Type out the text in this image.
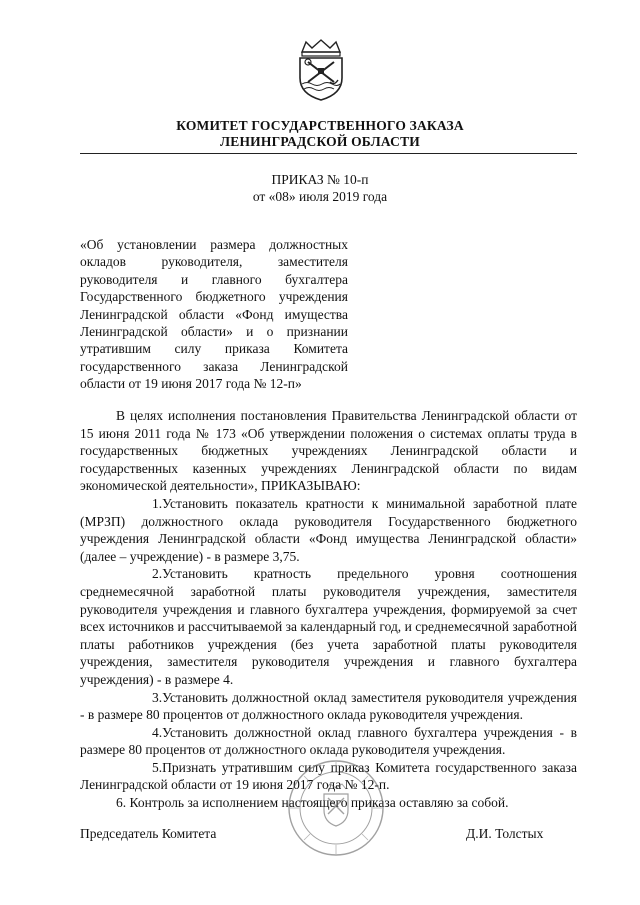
КОМИТЕТ ГОСУДАРСТВЕННОГО ЗАКАЗА
ЛЕНИНГРАДСКОЙ ОБЛАСТИ
ПРИКАЗ № 10-п
от «08» июля 2019 года
«Об установлении размера должностных окладов руководителя, заместителя руководителя и главного бухгалтера Государственного бюджетного учреждения Ленинградской области «Фонд имущества Ленинградской области» и о признании утратившим силу приказа Комитета государственного заказа Ленинградской области от 19 июня 2017 года № 12-п»

В целях исполнения постановления Правительства Ленинградской области от 15 июня 2011 года № 173 «Об утверждении положения о системах оплаты труда в государственных бюджетных учреждениях Ленинградской области и государственных казенных учреждениях Ленинградской области по видам экономической деятельности», ПРИКАЗЫВАЮ:

1.Установить показатель кратности к минимальной заработной плате (МРЗП) должностного оклада руководителя Государственного бюджетного учреждения Ленинградской области «Фонд имущества Ленинградской области» (далее – учреждение) - в размере 3,75.

2.Установить кратность предельного уровня соотношения среднемесячной заработной платы руководителя учреждения, заместителя руководителя учреждения и главного бухгалтера учреждения, формируемой за счет всех источников и рассчитываемой за календарный год, и среднемесячной заработной платы работников учреждения (без учета заработной платы руководителя учреждения, заместителя руководителя учреждения и главного бухгалтера учреждения) - в размере 4.

3.Установить должностной оклад заместителя руководителя учреждения - в размере 80 процентов от должностного оклада руководителя учреждения.

4.Установить должностной оклад главного бухгалтера учреждения - в размере 80 процентов от должностного оклада руководителя учреждения.

5.Признать утратившим силу приказ Комитета государственного заказа Ленинградской области от 19 июня 2017 года № 12-п.

6. Контроль за исполнением настоящего приказа оставляю за собой.

Председатель Комитета	Д.И. Толстых
